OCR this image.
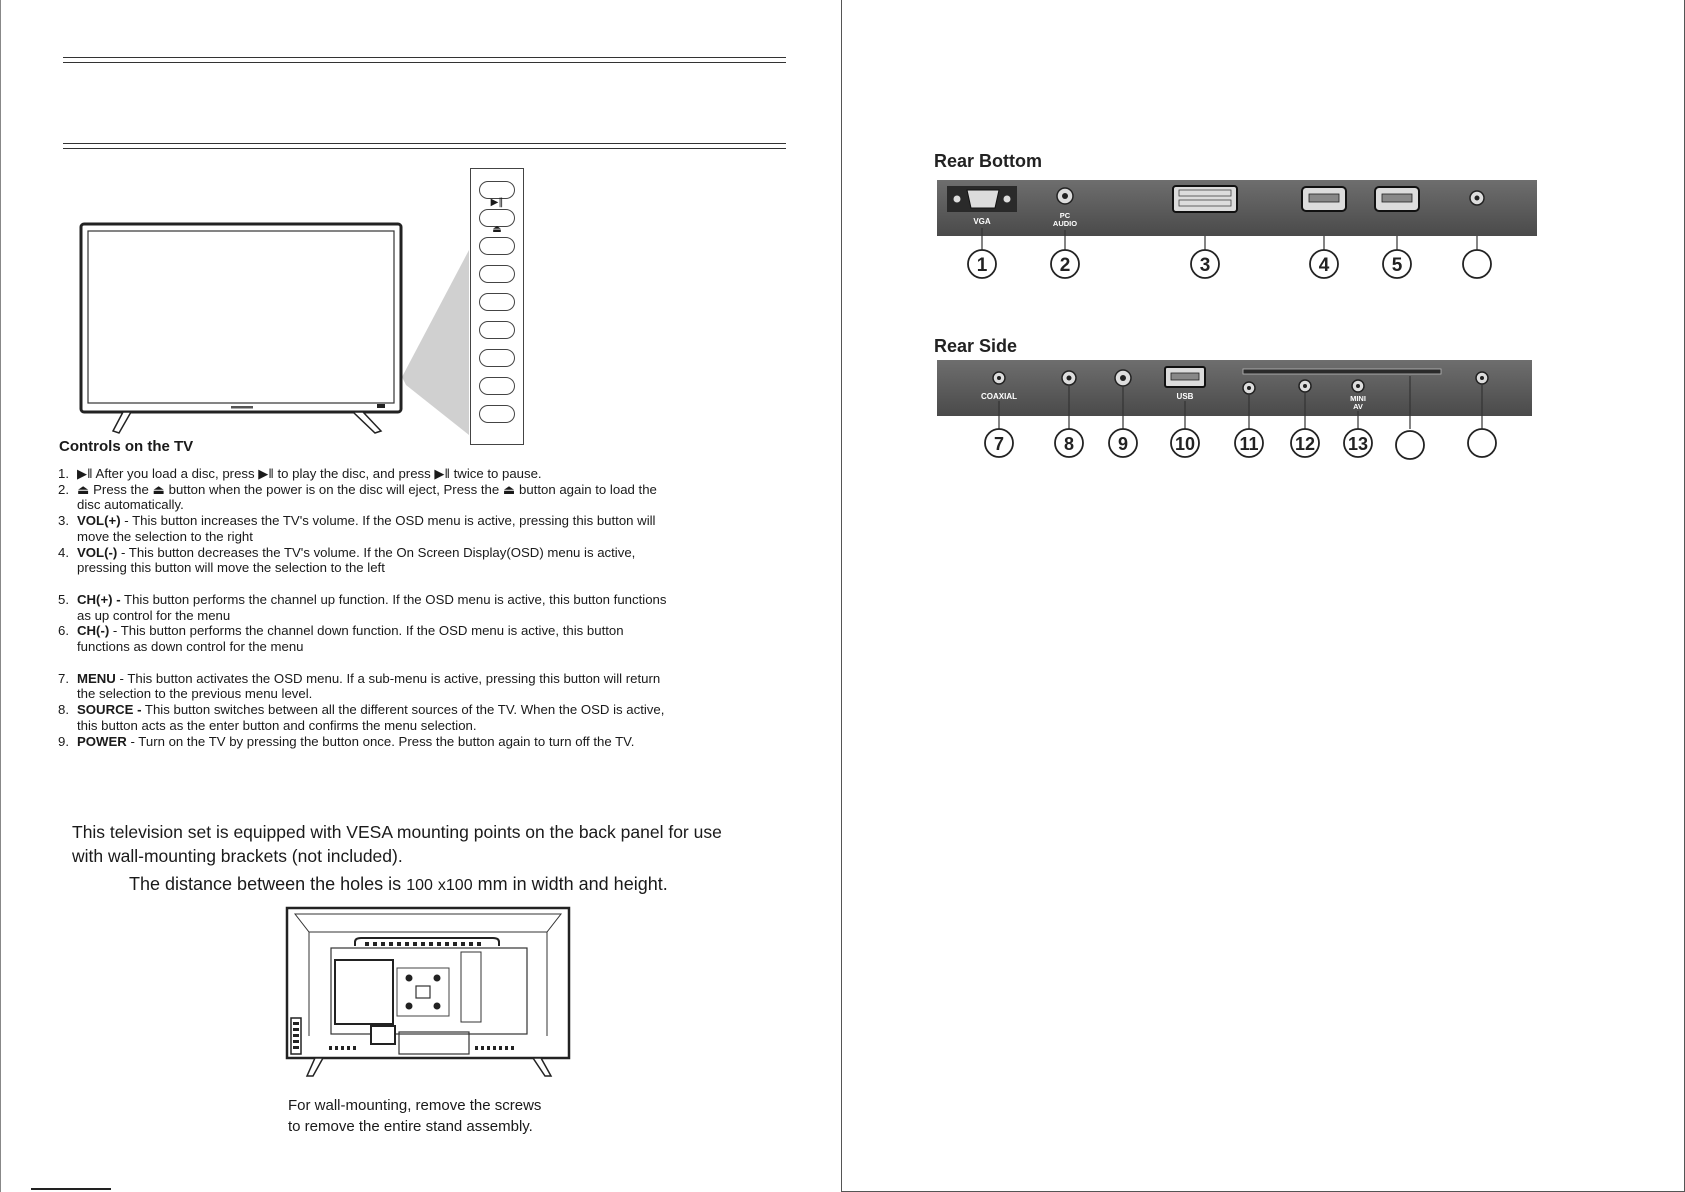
▶‖
⏏
Controls on the TV
1. ▶‖ After you load a disc, press ▶‖ to play the disc, and press ▶‖ twice to pause.
2. ⏏ Press the ⏏ button when the power is on the disc will eject, Press the ⏏ button again to load the
disc automatically.
3. VOL(+) - This button increases the TV's volume. If the OSD menu is active, pressing this button will
move the selection to the right
4. VOL(-) - This button decreases the TV's volume. If the On Screen Display(OSD) menu is active,
pressing this button will move the selection to the left
5. CH(+) - This button performs the channel up function. If the OSD menu is active, this button functions
as up control for the menu
6. CH(-) - This button performs the channel down function. If the OSD menu is active, this button
functions as down control for the menu
7. MENU - This button activates the OSD menu. If a sub-menu is active, pressing this button will return
the selection to the previous menu level.
8. SOURCE - This button switches between all the different sources of the TV. When the OSD is active,
this button acts as the enter button and confirms the menu selection.
9. POWER - Turn on the TV by pressing the button once. Press the button again to turn off the TV.
This television set is equipped with VESA mounting points on the back panel for use
with wall-mounting brackets (not included).
The distance between the holes is 100 x100 mm in width and height.
For wall-mounting, remove the screws
to remove the entire stand assembly.
Rear Bottom
VGA
PC
AUDIO
1	2	3	4	5
Rear Side
COAXIAL	USB	MINI
AV
7	8 9	10 11 12 13
